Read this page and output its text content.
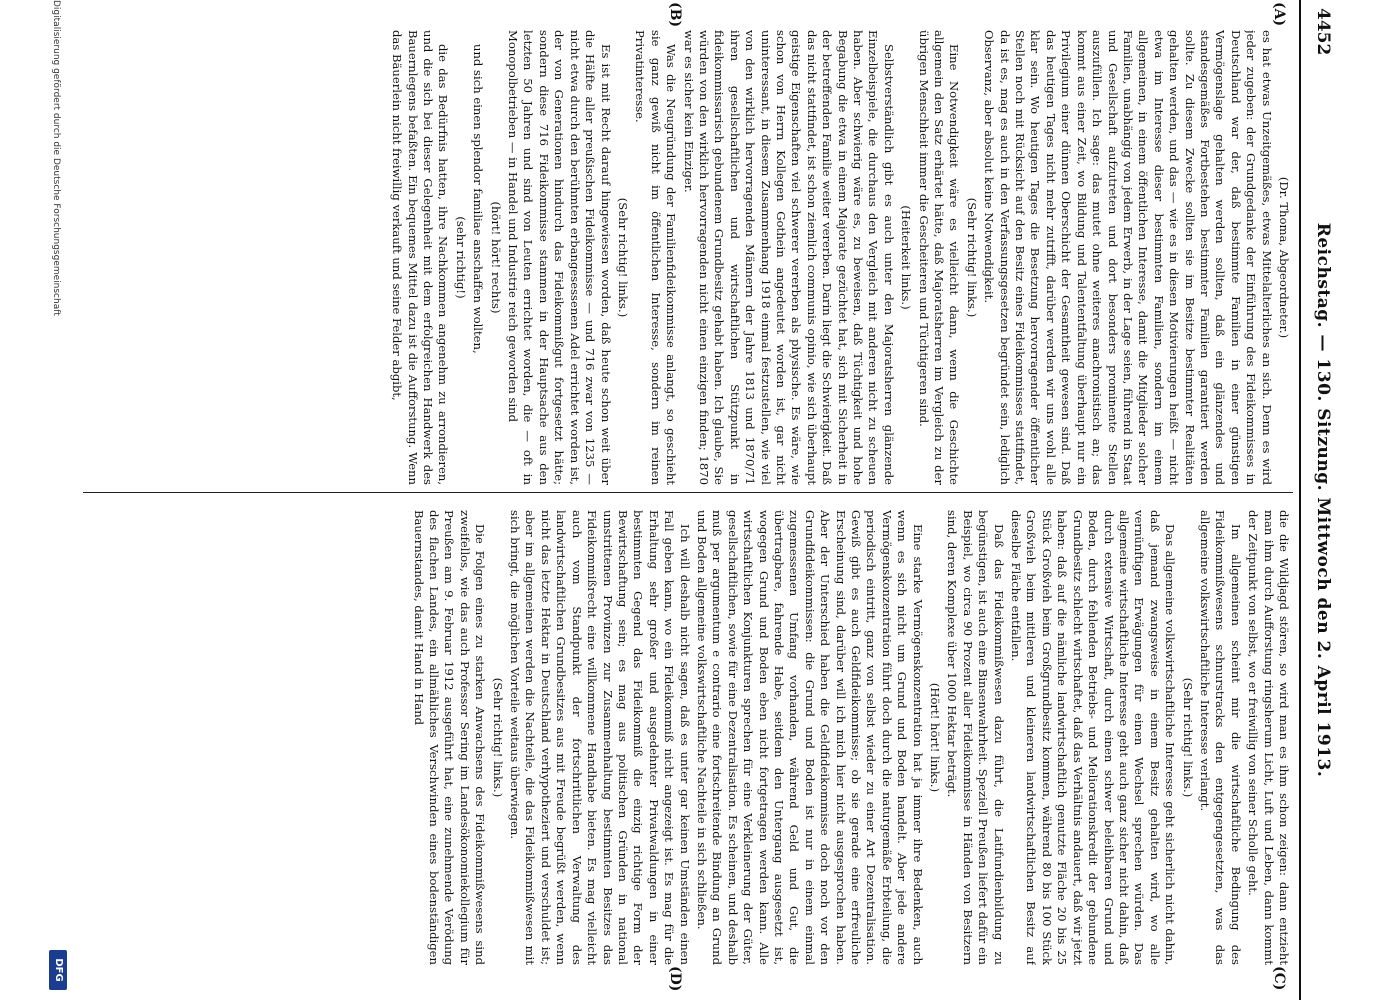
4452
Reichstag. — 130. Sitzung. Mittwoch den 2. April 1913.
(A)
(B)
(C)
(D)

(Dr. Thoma, Abgeordneter.)

es hat etwas Unzeitgemäßes, etwas Mittelalterliches an sich. Denn es wird jeder zugeben: der Grundgedanke der Einführung des Fideikommisses in Deutschland war der, daß bestimmte Familien in einer günstigen Vermögenslage gehalten werden sollten, daß ein glänzendes und standesgemäßes Fortbestehen bestimmter Familien garantiert werden sollte. Zu diesem Zwecke sollten sie im Besitze bestimmter Realitäten gehalten werden, und das — wie es in diesen Motivierungen heißt — nicht etwa im Interesse dieser bestimmten Familien, sondern im einem allgemeinen, in einem öffentlichen Interesse, damit die Mitglieder solcher Familien, unabhängig von jedem Erwerb, in der Lage seien, führend in Staat und Gesellschaft aufzutreten und dort besonders prominente Stellen auszufüllen. Ich sage: das mutet ohne weiteres anachronistisch an; das kommt aus einer Zeit, wo Bildung und Talententfaltung überhaupt nur ein Privilegium einer dünnen Oberschicht der Gesamtheit gewesen sind. Daß das heutigen Tages nicht mehr zutrifft, darüber werden wir uns wohl alle klar sein. Wo heutigen Tages die Besetzung hervorragender öffentlicher Stellen noch mit Rücksicht auf den Besitz eines Fideikommisses stattfindet, da ist es, mag es auch in den Verfassungsgesetzen begründet sein, lediglich Observanz, aber absolut keine Notwendigkeit.

(Sehr richtig! links.)

Eine Notwendigkeit wäre es vielleicht dann, wenn die Geschichte allgemein den Satz erhärtet hätte, daß Majoratsherren im Vergleich zu der übrigen Menschheit immer die Gescheiteren und Tüchtigeren sind.

(Heiterkeit links.)

Selbstverständlich gibt es auch unter den Majoratsherren glänzende Einzelbeispiele, die durchaus den Vergleich mit anderen nicht zu scheuen haben. Aber schwierig wäre es, zu beweisen, daß Tüchtigkeit und hohe Begabung die etwa in einem Majorate gezüchtet hat, sich mit Sicherheit in der betreffenden Familie weiter vererben. Darin liegt die Schwierigkeit. Daß das nicht stattfindet, ist schon ziemlich communis opinio, wie sich überhaupt geistige Eigenschaften viel schwerer vererben als physische. Es wäre, wie schon von Herrn Kollegen Gothein angedeutet worden ist, gar nicht uninteressant, in diesem Zusammenhang 1918 einmal festzustellen, wie viel von den wirklich hervorragenden Männern der Jahre 1813 und 1870/71 ihren gesellschaftlichen und wirtschaftlichen Stützpunkt in fideikommissarisch gebundenem Grundbesitz gehabt haben. Ich glaube, Sie würden von den wirklich hervorragenden nicht einen einzigen finden; 1870 war es sicher kein Einziger.

Was die Neugründung der Familienfideikommisse anlangt, so geschieht sie ganz gewiß nicht im öffentlichen Interesse, sondern im reinen Privatinteresse.

(Sehr richtig! links.)

Es ist mit Recht darauf hingewiesen worden, daß heute schon weit über die Hälfte aller preußischen Fideikommisse — und 716 zwar von 1235 — nicht etwa durch den berühmten erbangesessenen Adel errichtet worden ist, der von Generationen hindurch das Fideikommißgut fortgesetzt hätte; sondern diese 716 Fideikommisse stammen in der Hauptsache aus den letzten 50 Jahren und sind von Leuten errichtet worden, die — oft in Monopolbetrieben — in Handel und Industrie reich geworden sind

(hört! hört! rechts)

und sich einen splendor familiae anschaffen wollten,

(sehr richtig!)

die das Bedürfnis hatten, ihre Nachkommen angenehm zu arrondieren, und die sich bei dieser Gelegenheit mit dem erfolgreichen Handwerk des Bauernlegens befaßten. Ein bequemes Mittel dazu ist die Aufforstung. Wenn das Bäuerlein nicht freiwillig verkauft und seine Felder abgibt,

die die Wildjagd stören, so wird man es ihm schon zeigen: dann entzieht man ihm durch Aufforstung ringsherum Licht, Luft und Leben, dann kommt der Zeitpunkt von selbst, wo er freiwillig von seiner Scholle geht.

Im allgemeinen scheint mir die wirtschaftliche Bedingung des Fideikommißwesens schnurstracks den entgegengesetzten, was das allgemeine volkswirtschaftliche Interesse verlangt.

(Sehr richtig! links.)

Das allgemeine volkswirtschaftliche Interesse geht sicherlich nicht dahin, daß jemand zwangsweise in einem Besitz gehalten wird, wo alle vernünftigen Erwägungen für einen Wechsel sprechen würden. Das allgemeine wirtschaftliche Interesse geht auch ganz sicher nicht dahin, daß durch extensive Wirtschaft, durch einen schwer beleihbaren Grund und Boden, durch fehlenden Betriebs- und Meliorationskredit der gebundene Grundbesitz schlecht wirtschaftet, daß das Verhältnis andauert, daß wir jetzt haben: daß auf die nämliche landwirtschaftlich genutzte Fläche 20 bis 25 Stück Großvieh beim Großgrundbesitz kommen, während 80 bis 100 Stück Großvieh beim mittleren und kleineren landwirtschaftlichen Besitz auf dieselbe Fläche entfallen.

Daß das Fideikommißwesen dazu führt, die Latifundienbildung zu begünstigen, ist auch eine Binsenwahrheit. Speziell Preußen liefert dafür ein Beispiel, wo circa 90 Prozent aller Fideikommisse in Händen von Besitzern sind, deren Komplexe über 1000 Hektar beträgt.

(Hört! hört! links.)

Eine starke Vermögenskonzentration hat ja immer ihre Bedenken, auch wenn es sich nicht um Grund und Boden handelt. Aber jede andere Vermögenskonzentration führt doch durch die naturgemäße Erbteilung, die periodisch eintritt, ganz von selbst wieder zu einer Art Dezentralisation. Gewiß gibt es auch Geldfideikommisse; ob sie gerade eine erfreuliche Erscheinung sind, darüber will ich mich hier nicht ausgesprochen haben. Aber der Unterschied haben die Geldfideikommisse doch noch vor den Grundfideikommissen: die Grund und Boden ist nur in einem einmal zugemessenen Umfang vorhanden, während Geld und Gut, die übertragbare, fahrende Habe, seitdem den Untergang ausgesetzt ist, wogegen Grund und Boden eben nicht fortgetragen werden kann. Alle wirtschaftlichen Konjunkturen sprechen für eine Verkleinerung der Güter, gesellschaftlichen, sowie für eine Dezentralisation. Es scheinen, und deshalb muß per argumentum e contrario eine fortschreitende Bindung an Grund und Boden allgemeine volkswirtschaftliche Nachteile in sich schließen.

Ich will deshalb nicht sagen, daß es unter gar keinen Umständen einen Fall geben kann, wo ein Fideikommiß nicht angezeigt ist. Es mag für die Erhaltung sehr großer und ausgedehnter Privatwaldungen in einer bestimmten Gegend das Fideikommiß die einzig richtige Form der Bewirtschaftung sein; es mag aus politischen Gründen in national umstrittenen Provinzen zur Zusammenhaltung bestimmten Besitzes das Fideikommißrecht eine willkommene Handhabe bieten. Es mag vielleicht auch vom Standpunkt der fortschrittlichen Verwaltung des landwirtschaftlichen Grundbesitzes aus mit Freude begrüßt werden, wenn nicht das letzte Hektar in Deutschland verhypotheziert und verschuldet ist; aber im allgemeinen werden die Nachteile, die das Fideikommißwesen mit sich bringt, die möglichen Vorteile weitaus überwiegen.

(Sehr richtig! links.)

Die Folgen eines zu starken Anwachsens des Fideikommißwesens sind zweifellos, wie das auch Professor Sering im Landesökonomiekollegium für Preußen am 9. Februar 1912 ausgeführt hat, eine zunehmende Verödung des flachen Landes, ein allmähliches Verschwinden eines bodenständigen Bauernstandes, damit Hand in Hand

Digitalisierung gefördert durch die Deutsche Forschungsgemeinschaft
DFG
